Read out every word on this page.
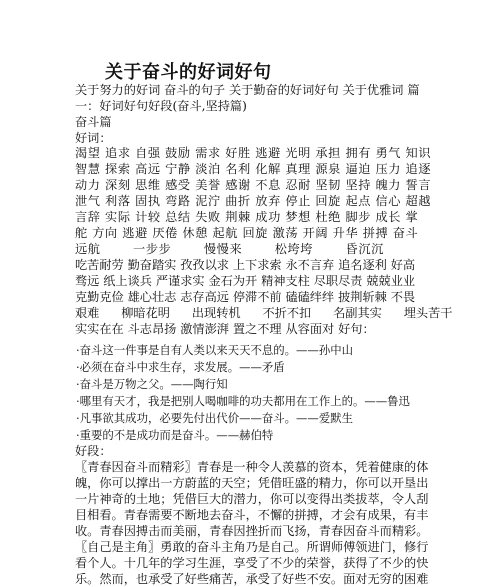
关于奋斗的好词好句
关于努力的好词 奋斗的句子 关于勤奋的好词好句 关于优雅词 篇
一：好词好句好段(奋斗,坚持篇)
奋斗篇
好词：
渴望 追求 自强 鼓励 需求 好胜 逃避 光明 承担 拥有 勇气 知识
智慧 探索 高远 宁静 淡泊 名利 化解 真理 源泉 逼迫 压力 追逐
动力 深刻 思维 感受 美誉 感谢 不息 忍耐 坚韧 坚持 魄力 誓言
泄气 利落 固执 弯路 泥泞 曲折 放弃 停止 回旋 起点 信心 超越
言辞 实际 计较 总结 失败 荆棘 成功 梦想 杜绝 脚步 成长 掌
舵 方向 逃避 厌倦 休憩 起航 回旋 激荡 开阔 升华 拼搏 奋斗
远航 一步步 慢慢来 松垮垮 昏沉沉
吃苦耐劳 勤奋踏实 孜孜以求 上下求索 永不言弃 追名逐利 好高
骛远 纸上谈兵 严谨求实 金石为开 精神支柱 尽职尽责 兢兢业业
克勤克俭 雄心壮志 志存高远 停滞不前 磕磕绊绊 披荆斩棘 不畏
艰难 柳暗花明 出现转机 不折不扣 名副其实 埋头苦干
实实在在 斗志昂扬 激情澎湃 置之不理 从容面对 好句：
·奋斗这一件事是自有人类以来天天不息的。——孙中山
·必须在奋斗中求生存，求发展。——矛盾
·奋斗是万物之父。——陶行知
·哪里有天才，我是把别人喝咖啡的功夫都用在工作上的。——鲁迅
·凡事欲其成功，必要先付出代价——奋斗。——爱默生
·重要的不是成功而是奋斗。——赫伯特
好段：
〖青春因奋斗而精彩〗青春是一种令人羡慕的资本，凭着健康的体
魄，你可以撑出一方蔚蓝的天空；凭借旺盛的精力，你可以开垦出
一片神奇的土地；凭借巨大的潜力，你可以变得出类拔萃，令人刮
目相看。青春需要不断地去奋斗，不懈的拼搏，才会有成果，有丰
收。青春因搏击而美丽，青春因挫折而飞扬，青春因奋斗而精彩。
〖自己是主角〗勇敢的奋斗主角乃是自己。所谓师傅领进门，修行
看个人。十几年的学习生涯，享受了不少的荣誉，获得了不少的快
乐。然而，也承受了好些痛苦，承受了好些不安。面对无穷的困难
